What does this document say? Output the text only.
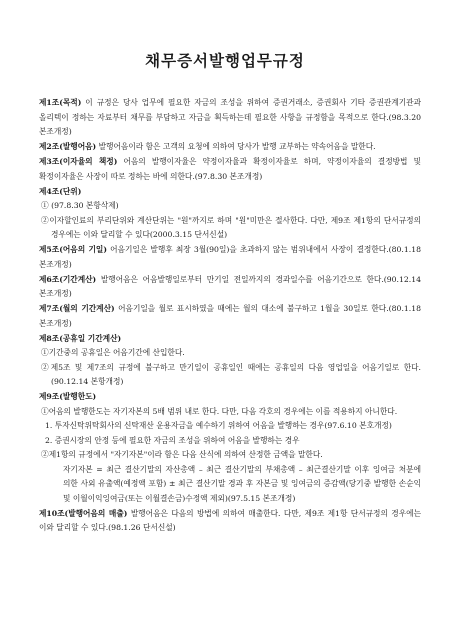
채무증서발행업무규정

제1조(목적) 이 규정은 당사 업무에 필요한 자금의 조성을 위하여 증권거래소, 증권회사 기타 증권관계기관과 올리텍이 정하는 자료부터 채무를 부담하고 자금을 획득하는데 필요한 사항을 규정함을 목적으로 한다.(98.3.20 본조개정)

제2조(발행어음) 발행어음이라 함은 고객의 요청에 의하여 당사가 발행 교부하는 약속어음을 말한다.

제3조(이자율의 책정) 어음의 발행이자율은 약정이자율과 확정이자율로 하며, 약정이자율의 결정방법 및 확정이자율은 사장이 따로 정하는 바에 의한다.(97.8.30 본조개정)

제4조(단위)
① (97.8.30 본항삭제)
②이자할인료의 부리단위와 계산단위는 "원"까지로 하며 "원"미만은 절사한다. 다만, 제9조 제1항의 단서규정의 경우에는 이와 달리할 수 있다(2000.3.15 단서신설)

제5조(어음의 기일) 어음기일은 발행후 최장 3월(90일)을 초과하지 않는 범위내에서 사장이 결정한다.(80.1.18 본조개정)

제6조(기간계산) 발행어음은 어음발행일로부터 만기일 전일까지의 경과일수를 어음기간으로 한다.(90.12.14 본조개정)

제7조(월의 기간계산) 어음기일을 월로 표시하였을 때에는 월의 대소에 불구하고 1월을 30일로 한다.(80.1.18 본조개정)

제8조(공휴일 기간계산)
①기간중의 공휴일은 어음기간에 산입한다.
②제5조 및 제7조의 규정에 불구하고 만기일이 공휴일인 때에는 공휴일의 다음 영업일을 어음기일로 한다.(90.12.14 본항개정)
제9조(발행한도)
①어음의 발행한도는 자기자본의 5배 범위 내로 한다. 다만, 다음 각호의 경우에는 이를 적용하지 아니한다.
1. 투자신탁위탁회사의 신탁재산 운용자금을 예수하기 위하여 어음을 발행하는 경우(97.6.10 본호개정)
2. 증권시장의 안정 등에 필요한 자금의 조성을 위하여 어음을 발행하는 경우
②제1항의 규정에서 "자기자본"이라 함은 다음 산식에 의하여 산정한 금액을 말한다.
자기자본 = 최근 결산기말의 자산총액 – 최근 결산기말의 부채총액 – 최근결산기말 이후 잉여금 처분에 의한 사외 유출액(예정액 포함) ± 최근 결산기말 경과 후 자본금 및 잉여금의 증감액(당기중 발행한 손순익 및 이월이익잉여금(또는 이월결손금)수정액 제외)(97.5.15 본조개정)

제10조(발행어음의 매출) 발행어음은 다음의 방법에 의하여 매출한다. 다만, 제9조 제1항 단서규정의 경우에는 이와 달리할 수 있다.(98.1.26 단서신설)
